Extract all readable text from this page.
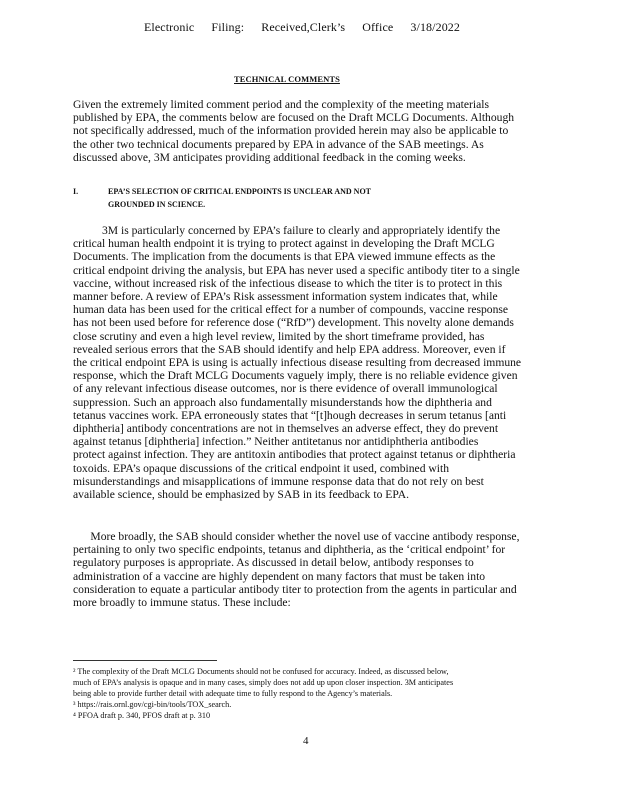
Electronic Filing: Received,Clerk’s Office 3/18/2022
TECHNICAL COMMENTS
Given the extremely limited comment period and the complexity of the meeting materials
published by EPA, the comments below are focused on the Draft MCLG Documents. Although
not specifically addressed, much of the information provided herein may also be applicable to
the other two technical documents prepared by EPA in advance of the SAB meetings. As
discussed above, 3M anticipates providing additional feedback in the coming weeks.
I.	EPA’S SELECTION OF CRITICAL ENDPOINTS IS UNCLEAR AND NOT
GROUNDED IN SCIENCE.
3M is particularly concerned by EPA’s failure to clearly and appropriately identify the
critical human health endpoint it is trying to protect against in developing the Draft MCLG
Documents. The implication from the documents is that EPA viewed immune effects as the
critical endpoint driving the analysis, but EPA has never used a specific antibody titer to a single
vaccine, without increased risk of the infectious disease to which the titer is to protect in this
manner before. A review of EPA’s Risk assessment information system indicates that, while
human data has been used for the critical effect for a number of compounds, vaccine response
has not been used before for reference dose (“RfD”) development. This novelty alone demands
close scrutiny and even a high level review, limited by the short timeframe provided, has
revealed serious errors that the SAB should identify and help EPA address. Moreover, even if
the critical endpoint EPA is using is actually infectious disease resulting from decreased immune
response, which the Draft MCLG Documents vaguely imply, there is no reliable evidence given
of any relevant infectious disease outcomes, nor is there evidence of overall immunological
suppression. Such an approach also fundamentally misunderstands how the diphtheria and
tetanus vaccines work. EPA erroneously states that “[t]hough decreases in serum tetanus [anti
diphtheria] antibody concentrations are not in themselves an adverse effect, they do prevent
against tetanus [diphtheria] infection.” Neither antitetanus nor antidiphtheria antibodies
protect against infection. They are antitoxin antibodies that protect against tetanus or diphtheria
toxoids. EPA’s opaque discussions of the critical endpoint it used, combined with
misunderstandings and misapplications of immune response data that do not rely on best
available science, should be emphasized by SAB in its feedback to EPA.
More broadly, the SAB should consider whether the novel use of vaccine antibody response,
pertaining to only two specific endpoints, tetanus and diphtheria, as the ‘critical endpoint’ for
regulatory purposes is appropriate. As discussed in detail below, antibody responses to
administration of a vaccine are highly dependent on many factors that must be taken into
consideration to equate a particular antibody titer to protection from the agents in particular and
more broadly to immune status. These include:
² The complexity of the Draft MCLG Documents should not be confused for accuracy. Indeed, as discussed below,
much of EPA’s analysis is opaque and in many cases, simply does not add up upon closer inspection. 3M anticipates
being able to provide further detail with adequate time to fully respond to the Agency’s materials.
³ https://rais.ornl.gov/cgi-bin/tools/TOX_search.
⁴ PFOA draft p. 340, PFOS draft at p. 310
4
